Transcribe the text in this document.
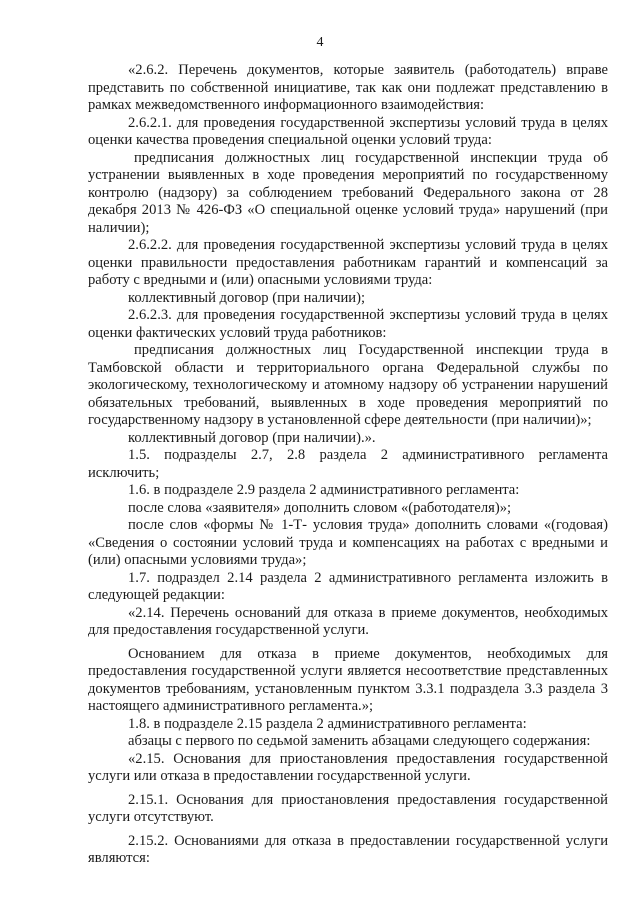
4

«2.6.2. Перечень документов, которые заявитель (работодатель) вправе представить по собственной инициативе, так как они подлежат представлению в рамках межведомственного информационного взаимодействия:

2.6.2.1. для проведения государственной экспертизы условий труда в целях оценки качества проведения специальной оценки условий труда:

предписания должностных лиц государственной инспекции труда об устранении выявленных в ходе проведения мероприятий по государственному контролю (надзору) за соблюдением требований Федерального закона от 28 декабря 2013 № 426-ФЗ «О специальной оценке условий труда» нарушений (при наличии);

2.6.2.2. для проведения государственной экспертизы условий труда в целях оценки правильности предоставления работникам гарантий и компенсаций за работу с вредными и (или) опасными условиями труда:

коллективный договор (при наличии);

2.6.2.3. для проведения государственной экспертизы условий труда в целях оценки фактических условий труда работников:

предписания должностных лиц Государственной инспекции труда в Тамбовской области и территориального органа Федеральной службы по экологическому, технологическому и атомному надзору об устранении нарушений обязательных требований, выявленных в ходе проведения мероприятий по государственному надзору в установленной сфере деятельности (при наличии)»;

коллективный договор (при наличии).».

1.5. подразделы 2.7, 2.8 раздела 2 административного регламента исключить;

1.6. в подразделе 2.9 раздела 2 административного регламента:

после слова «заявителя» дополнить словом «(работодателя)»;

после слов «формы № 1-Т- условия труда» дополнить словами «(годовая) «Сведения о состоянии условий труда и компенсациях на работах с вредными и (или) опасными условиями труда»;

1.7. подраздел 2.14 раздела 2 административного регламента изложить в следующей редакции:

«2.14. Перечень оснований для отказа в приеме документов, необходимых для предоставления государственной услуги.

Основанием для отказа в приеме документов, необходимых для предоставления государственной услуги является несоответствие представленных документов требованиям, установленным пунктом 3.3.1 подраздела 3.3 раздела 3 настоящего административного регламента.»;

1.8. в подразделе 2.15 раздела 2 административного регламента:

абзацы с первого по седьмой заменить абзацами следующего содержания:

«2.15. Основания для приостановления предоставления государственной услуги или отказа в предоставлении государственной услуги.

2.15.1. Основания для приостановления предоставления государственной услуги отсутствуют.

2.15.2. Основаниями для отказа в предоставлении государственной услуги являются:
